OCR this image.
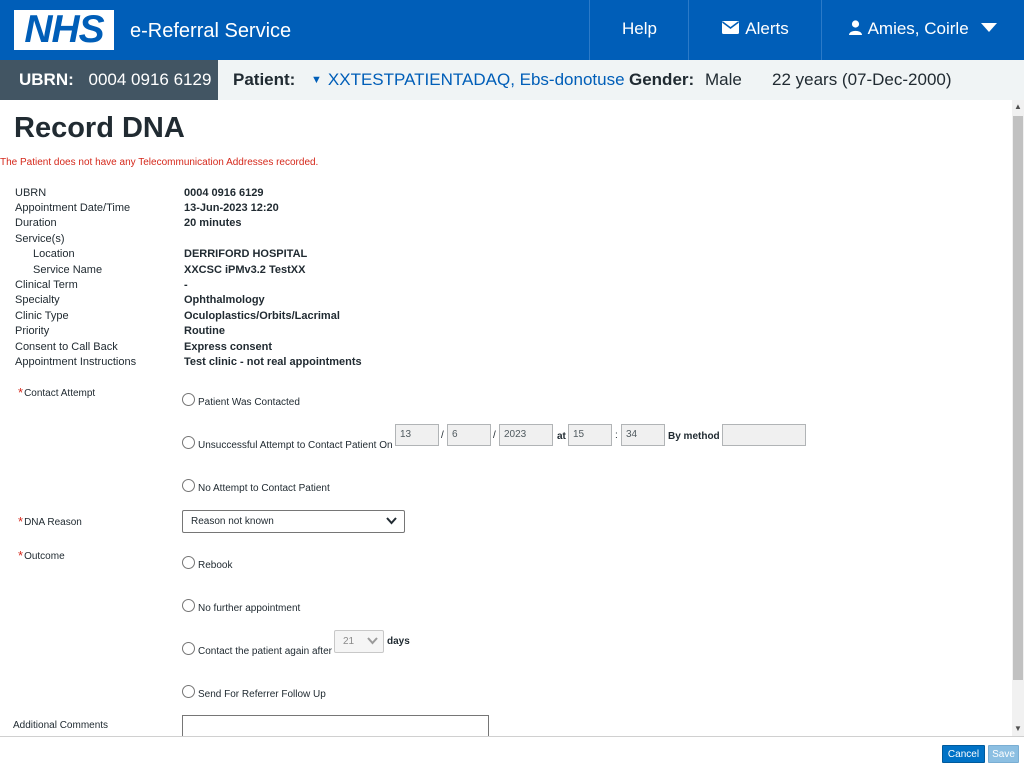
NHS	e-Referral Service	Help	Alerts	Amies, Coirle
UBRN: 0004 0916 6129	Patient: ▼ XXTESTPATIENTADAQ, Ebs-donotuse Gender: Male 22 years (07-Dec-2000)
Record DNA
The Patient does not have any Telecommunication Addresses recorded.
UBRN	0004 0916 6129
Appointment Date/Time	13-Jun-2023 12:20
Duration	20 minutes
Service(s)
Location	DERRIFORD HOSPITAL
Service Name	XXCSC iPMv3.2 TestXX
Clinical Term	-
Specialty	Ophthalmology
Clinic Type	Oculoplastics/Orbits/Lacrimal
Priority	Routine
Consent to Call Back	Express consent
Appointment Instructions	Test clinic - not real appointments
*Contact Attempt
Patient Was Contacted
Unsuccessful Attempt to Contact Patient On
13	/ 6	/ 2023	at 15	: 34	By method
No Attempt to Contact Patient
*DNA Reason	Reason not known
*Outcome
Rebook
No further appointment
Contact the patient again after
21	days
Send For Referrer Follow Up
Additional Comments
▲
▼
Cancel	Save
